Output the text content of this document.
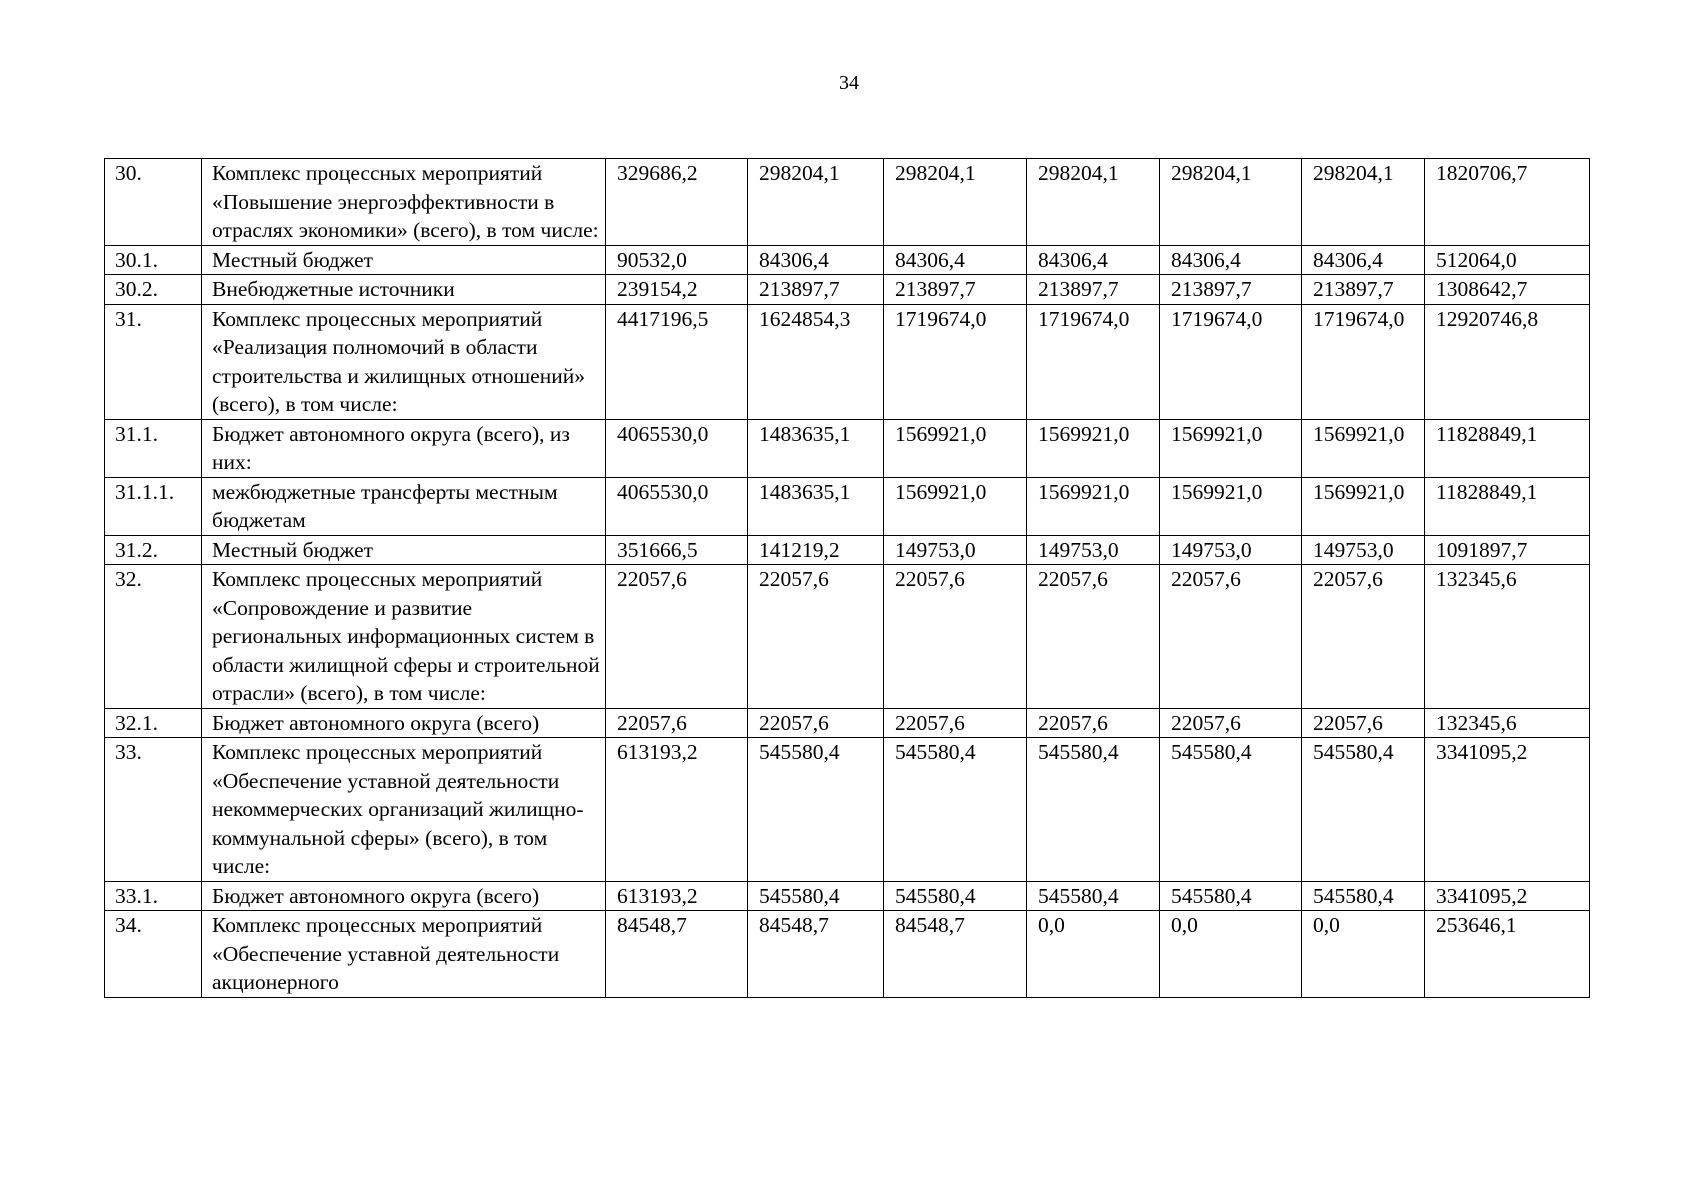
34
30.	Комплекс процессных мероприятий «Повышение энергоэффективности в отраслях экономики» (всего), в том числе:	329686,2	298204,1	298204,1	298204,1	298204,1	298204,1	1820706,7
30.1.	Местный бюджет	90532,0	84306,4	84306,4	84306,4	84306,4	84306,4	512064,0
30.2.	Внебюджетные источники	239154,2	213897,7	213897,7	213897,7	213897,7	213897,7	1308642,7
31.	Комплекс процессных мероприятий «Реализация полномочий в области строительства и жилищных отношений» (всего), в том числе:	4417196,5	1624854,3	1719674,0	1719674,0	1719674,0	1719674,0	12920746,8
31.1.	Бюджет автономного округа (всего), из них:	4065530,0	1483635,1	1569921,0	1569921,0	1569921,0	1569921,0	11828849,1
31.1.1.	межбюджетные трансферты местным бюджетам	4065530,0	1483635,1	1569921,0	1569921,0	1569921,0	1569921,0	11828849,1
31.2.	Местный бюджет	351666,5	141219,2	149753,0	149753,0	149753,0	149753,0	1091897,7
32.	Комплекс процессных мероприятий «Сопровождение и развитие региональных информационных систем в области жилищной сферы и строительной отрасли» (всего), в том числе:	22057,6	22057,6	22057,6	22057,6	22057,6	22057,6	132345,6
32.1.	Бюджет автономного округа (всего)	22057,6	22057,6	22057,6	22057,6	22057,6	22057,6	132345,6
33.	Комплекс процессных мероприятий «Обеспечение уставной деятельности некоммерческих организаций жилищно-коммунальной сферы» (всего), в том числе:	613193,2	545580,4	545580,4	545580,4	545580,4	545580,4	3341095,2
33.1.	Бюджет автономного округа (всего)	613193,2	545580,4	545580,4	545580,4	545580,4	545580,4	3341095,2
34.	Комплекс процессных мероприятий «Обеспечение уставной деятельности акционерного	84548,7	84548,7	84548,7	0,0	0,0	0,0	253646,1
